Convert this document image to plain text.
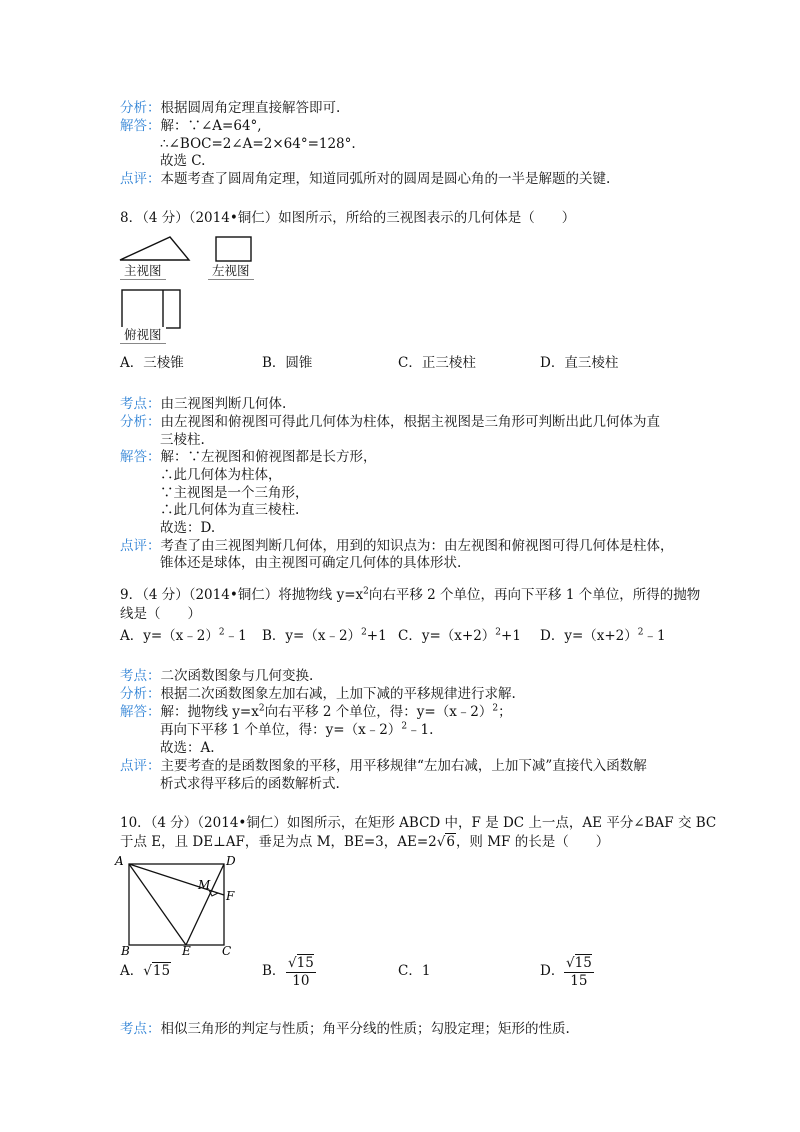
分析：根据圆周角定理直接解答即可.
解答：解：∵∠A=64°,
∴∠BOC=2∠A=2×64°=128°.
故选 C.
点评：本题考查了圆周角定理，知道同弧所对的圆周是圆心角的一半是解题的关键.
8．（4 分）（2014•铜仁）如图所示，所给的三视图表示的几何体是（　　）
主视图	左视图
俯视图
A．三棱锥	B．圆锥	C．正三棱柱	D．直三棱柱
考点：由三视图判断几何体.
分析：由左视图和俯视图可得此几何体为柱体，根据主视图是三角形可判断出此几何体为直
三棱柱.
解答：解：∵左视图和俯视图都是长方形，
∴此几何体为柱体，
∵主视图是一个三角形，
∴此几何体为直三棱柱.
故选：D.
点评：考查了由三视图判断几何体，用到的知识点为：由左视图和俯视图可得几何体是柱体，
锥体还是球体，由主视图可确定几何体的具体形状.
9．（4 分）（2014•铜仁）将抛物线 $y=x^2$向右平移 2 个单位，再向下平移 1 个单位，所得的抛物
线是（　　）
A．y=（x﹣2）$^2$﹣1 B．y=（x﹣2）$^2$+1 C．$y=(x+2)^2+1$ D．$y=(x+2)^2﹣1$
考点：二次函数图象与几何变换.
分析：根据二次函数图象左加右减，上加下减的平移规律进行求解.
解答：解：抛物线 $y=x^2$向右平移 2 个单位，得：y=（x﹣2）$^2$；
再向下平移 1 个单位，得：y=（x﹣2）$^2$﹣1.
故选：A.
点评：主要考查的是函数图象的平移，用平移规律“左加右减，上加下减”直接代入函数解
析式求得平移后的函数解析式.
10．（4 分）（2014•铜仁）如图所示，在矩形 ABCD 中，F 是 DC 上一点，AE 平分∠BAF 交 BC
于点 E，且 DE⊥AF，垂足为点 M，BE=3，AE=2√6，则 MF 的长是（　　）
A
B	C
D
E
F
M
A．√15	B． $\frac{√15}{10}$	C．1	D． $\frac{√15}{15}$
考点：相似三角形的判定与性质；角平分线的性质；勾股定理；矩形的性质.
